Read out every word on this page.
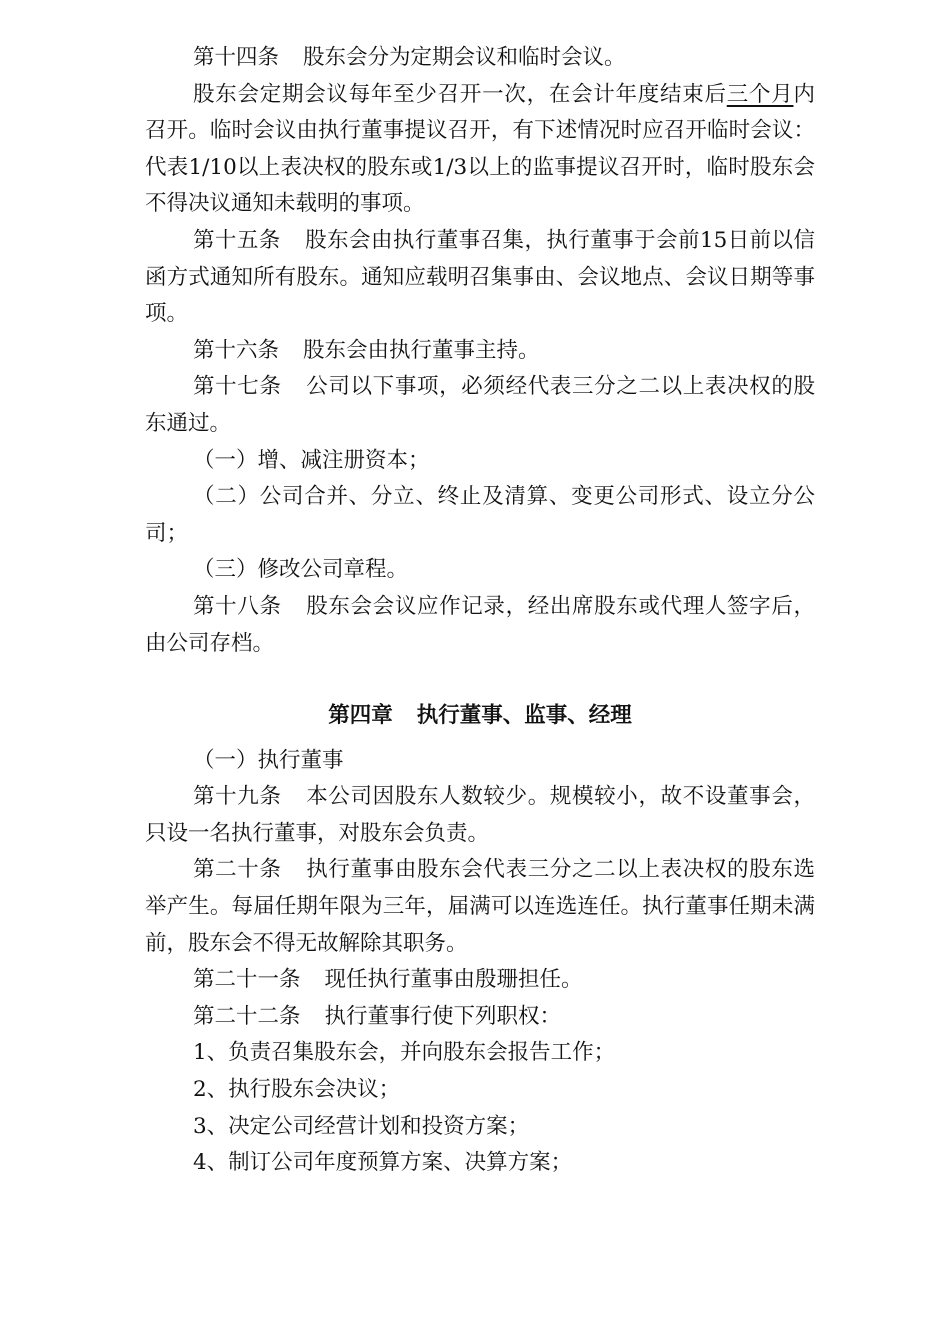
第十四条 股东会分为定期会议和临时会议。

股东会定期会议每年至少召开一次，在会计年度结束后三个月内召开。临时会议由执行董事提议召开，有下述情况时应召开临时会议：代表1/10以上表决权的股东或1/3以上的监事提议召开时，临时股东会不得决议通知未载明的事项。

第十五条 股东会由执行董事召集，执行董事于会前15日前以信函方式通知所有股东。通知应载明召集事由、会议地点、会议日期等事项。

第十六条 股东会由执行董事主持。

第十七条 公司以下事项，必须经代表三分之二以上表决权的股东通过。

（一）增、减注册资本；

（二）公司合并、分立、终止及清算、变更公司形式、设立分公司；

（三）修改公司章程。

第十八条 股东会会议应作记录，经出席股东或代理人签字后，由公司存档。

第四章 执行董事、监事、经理

（一）执行董事

第十九条 本公司因股东人数较少。规模较小，故不设董事会，只设一名执行董事，对股东会负责。

第二十条 执行董事由股东会代表三分之二以上表决权的股东选举产生。每届任期年限为三年，届满可以连选连任。执行董事任期未满前，股东会不得无故解除其职务。

第二十一条 现任执行董事由殷珊担任。

第二十二条 执行董事行使下列职权：

1、负责召集股东会，并向股东会报告工作；

2、执行股东会决议；

3、决定公司经营计划和投资方案；

4、制订公司年度预算方案、决算方案；
